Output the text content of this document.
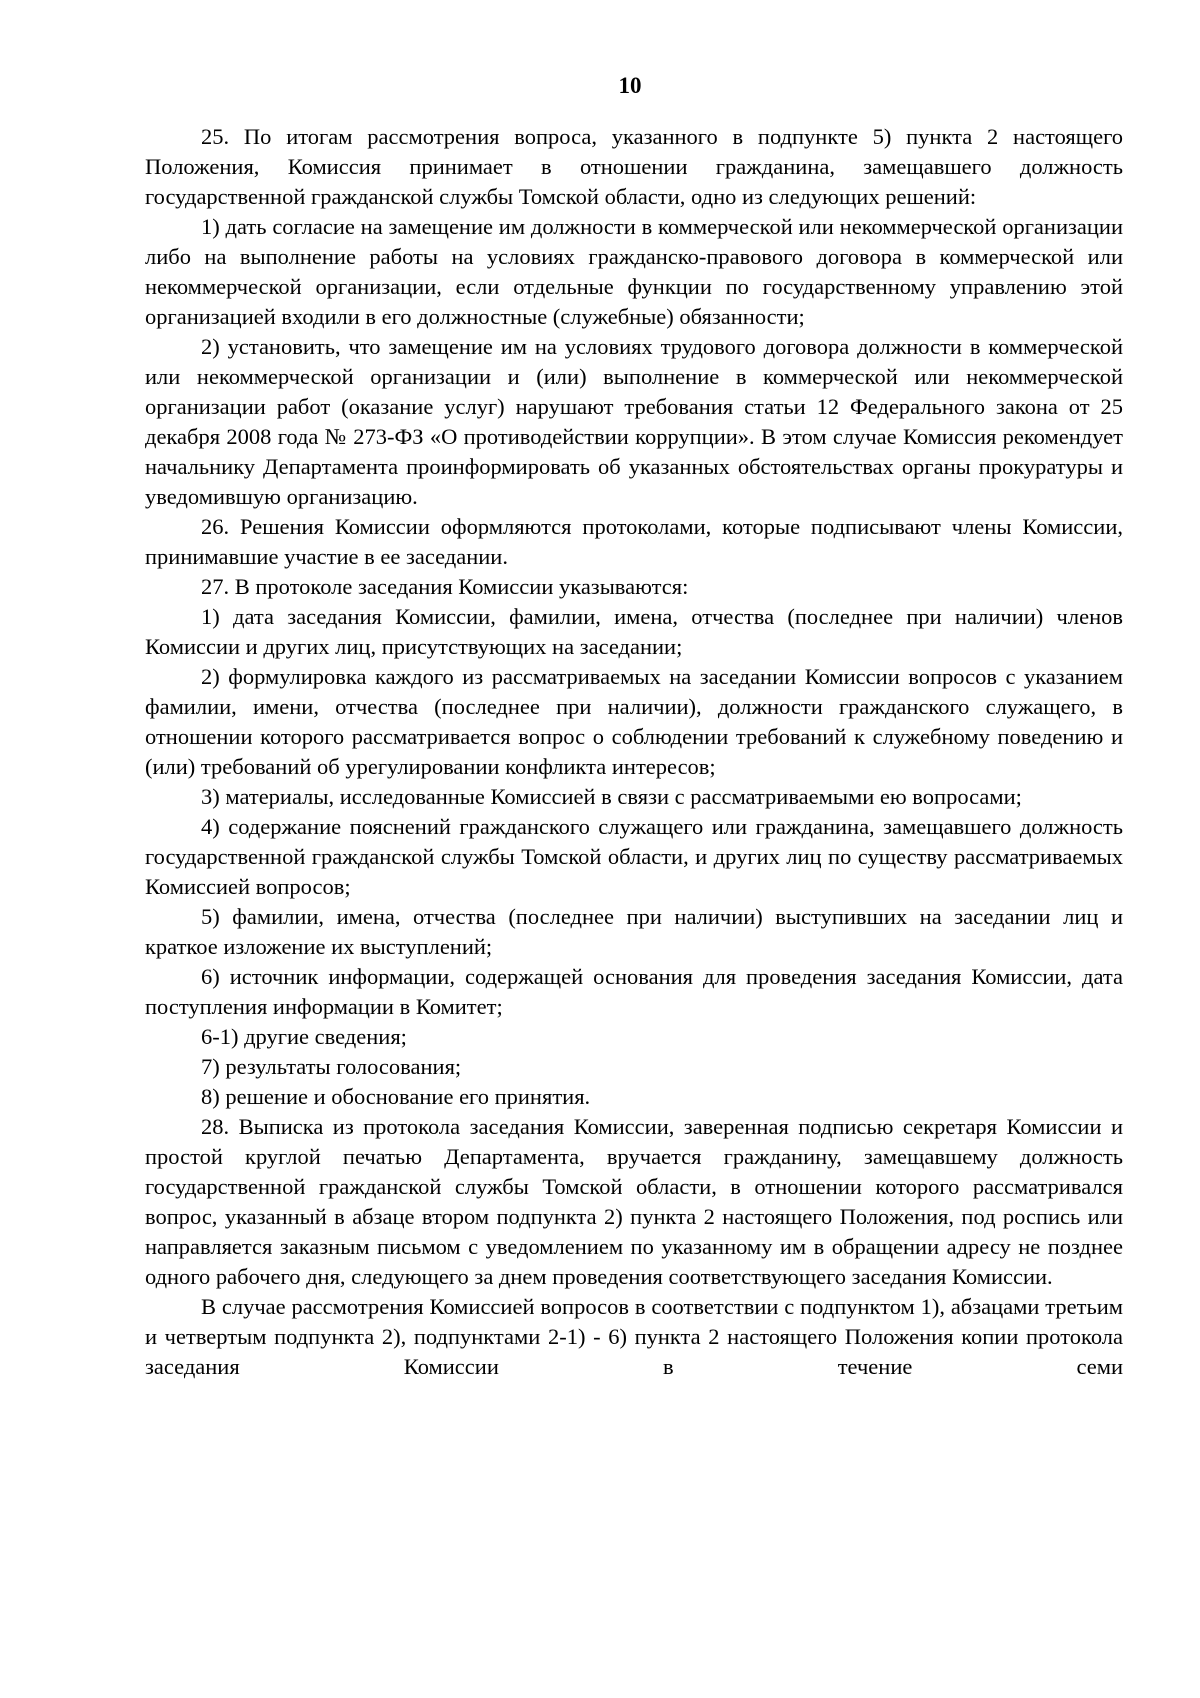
10

25. По итогам рассмотрения вопроса, указанного в подпункте 5) пункта 2 настоящего Положения, Комиссия принимает в отношении гражданина, замещавшего должность государственной гражданской службы Томской области, одно из следующих решений:

1) дать согласие на замещение им должности в коммерческой или некоммерческой организации либо на выполнение работы на условиях гражданско-правового договора в коммерческой или некоммерческой организации, если отдельные функции по государственному управлению этой организацией входили в его должностные (служебные) обязанности;

2) установить, что замещение им на условиях трудового договора должности в коммерческой или некоммерческой организации и (или) выполнение в коммерческой или некоммерческой организации работ (оказание услуг) нарушают требования статьи 12 Федерального закона от 25 декабря 2008 года № 273-ФЗ «О противодействии коррупции». В этом случае Комиссия рекомендует начальнику Департамента проинформировать об указанных обстоятельствах органы прокуратуры и уведомившую организацию.

26. Решения Комиссии оформляются протоколами, которые подписывают члены Комиссии, принимавшие участие в ее заседании.

27. В протоколе заседания Комиссии указываются:

1) дата заседания Комиссии, фамилии, имена, отчества (последнее при наличии) членов Комиссии и других лиц, присутствующих на заседании;

2) формулировка каждого из рассматриваемых на заседании Комиссии вопросов с указанием фамилии, имени, отчества (последнее при наличии), должности гражданского служащего, в отношении которого рассматривается вопрос о соблюдении требований к служебному поведению и (или) требований об урегулировании конфликта интересов;

3) материалы, исследованные Комиссией в связи с рассматриваемыми ею вопросами;

4) содержание пояснений гражданского служащего или гражданина, замещавшего должность государственной гражданской службы Томской области, и других лиц по существу рассматриваемых Комиссией вопросов;

5) фамилии, имена, отчества (последнее при наличии) выступивших на заседании лиц и краткое изложение их выступлений;

6) источник информации, содержащей основания для проведения заседания Комиссии, дата поступления информации в Комитет;

6-1) другие сведения;

7) результаты голосования;

8) решение и обоснование его принятия.

28. Выписка из протокола заседания Комиссии, заверенная подписью секретаря Комиссии и простой круглой печатью Департамента, вручается гражданину, замещавшему должность государственной гражданской службы Томской области, в отношении которого рассматривался вопрос, указанный в абзаце втором подпункта 2) пункта 2 настоящего Положения, под роспись или направляется заказным письмом с уведомлением по указанному им в обращении адресу не позднее одного рабочего дня, следующего за днем проведения соответствующего заседания Комиссии.

В случае рассмотрения Комиссией вопросов в соответствии с подпунктом 1), абзацами третьим и четвертым подпункта 2), подпунктами 2-1) - 6) пункта 2 настоящего Положения копии протокола заседания Комиссии в течение семи
